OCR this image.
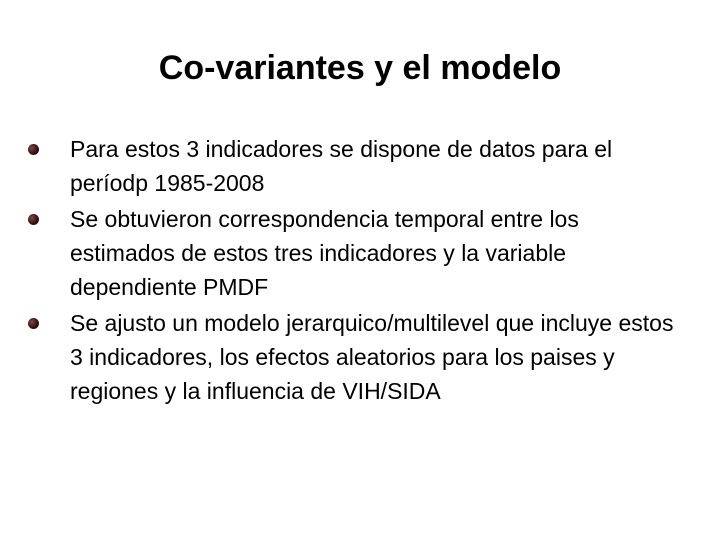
Co-variantes y el modelo
Para estos 3 indicadores se dispone de datos para el períodp 1985-2008
Se obtuvieron correspondencia temporal entre los estimados de estos tres indicadores y la variable dependiente PMDF
Se ajusto un modelo jerarquico/multilevel que incluye estos 3 indicadores, los efectos aleatorios para los paises y regiones y la influencia de VIH/SIDA
